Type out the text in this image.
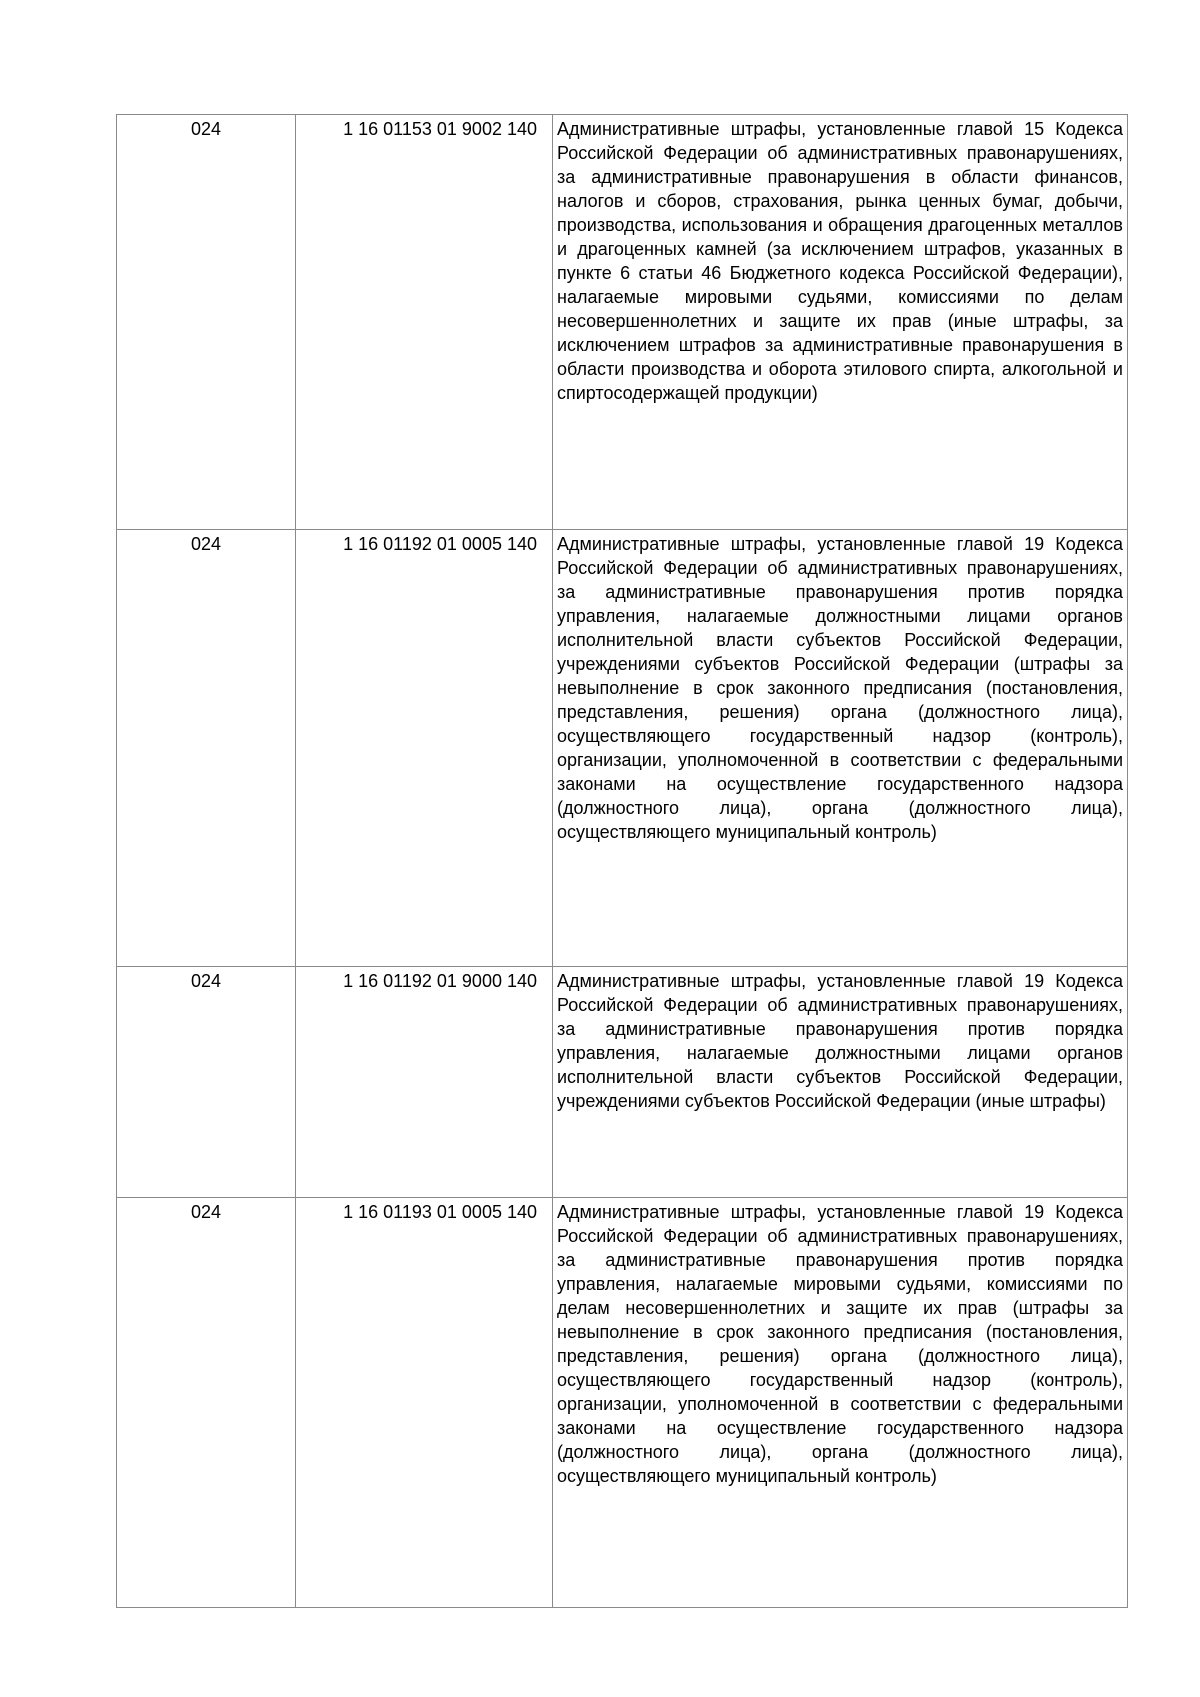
024	1 16 01153 01 9002 140	Административные штрафы, установленные главой 15 Кодекса Российской Федерации об административных правонарушениях, за административные правонарушения в области финансов, налогов и сборов, страхования, рынка ценных бумаг, добычи, производства, использования и обращения драгоценных металлов и драгоценных камней (за исключением штрафов, указанных в пункте 6 статьи 46 Бюджетного кодекса Российской Федерации), налагаемые мировыми судьями, комиссиями по делам несовершеннолетних и защите их прав (иные штрафы, за исключением штрафов за административные правонарушения в области производства и оборота этилового спирта, алкогольной и спиртосодержащей продукции)
024	1 16 01192 01 0005 140	Административные штрафы, установленные главой 19 Кодекса Российской Федерации об административных правонарушениях, за административные правонарушения против порядка управления, налагаемые должностными лицами органов исполнительной власти субъектов Российской Федерации, учреждениями субъектов Российской Федерации (штрафы за невыполнение в срок законного предписания (постановления, представления, решения) органа (должностного лица), осуществляющего государственный надзор (контроль), организации, уполномоченной в соответствии с федеральными законами на осуществление государственного надзора (должностного лица), органа (должностного лица), осуществляющего муниципальный контроль)
024	1 16 01192 01 9000 140	Административные штрафы, установленные главой 19 Кодекса Российской Федерации об административных правонарушениях, за административные правонарушения против порядка управления, налагаемые должностными лицами органов исполнительной власти субъектов Российской Федерации, учреждениями субъектов Российской Федерации (иные штрафы)
024	1 16 01193 01 0005 140	Административные штрафы, установленные главой 19 Кодекса Российской Федерации об административных правонарушениях, за административные правонарушения против порядка управления, налагаемые мировыми судьями, комиссиями по делам несовершеннолетних и защите их прав (штрафы за невыполнение в срок законного предписания (постановления, представления, решения) органа (должностного лица), осуществляющего государственный надзор (контроль), организации, уполномоченной в соответствии с федеральными законами на осуществление государственного надзора (должностного лица), органа (должностного лица), осуществляющего муниципальный контроль)
